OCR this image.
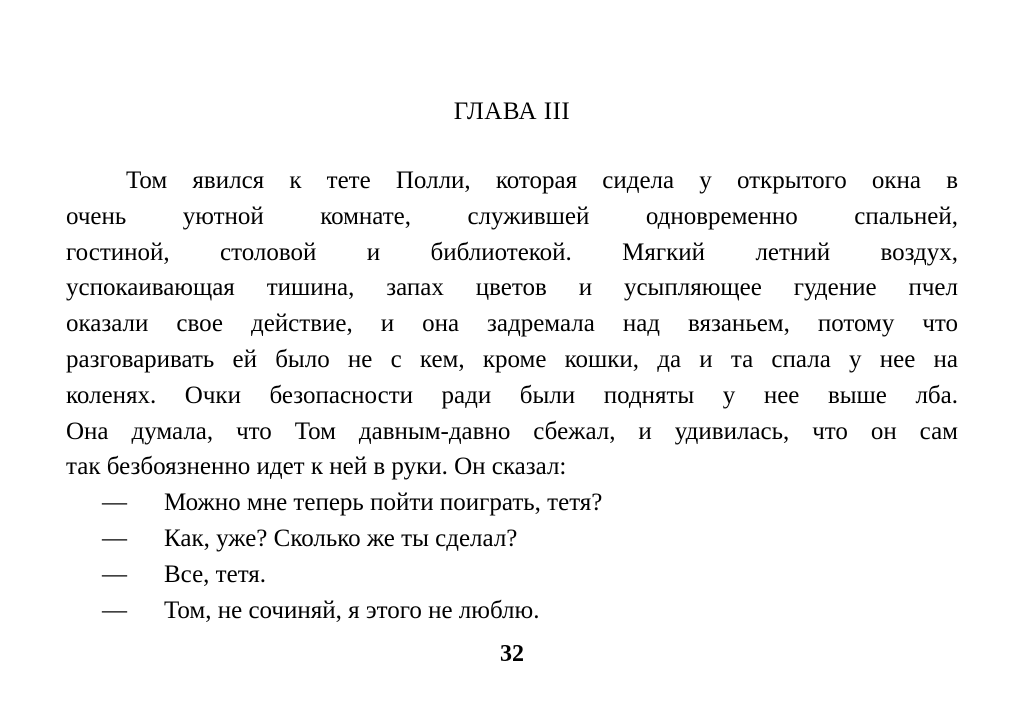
ГЛАВА III
Том явился к тете Полли, которая сидела у открытого окна в
очень уютной комнате, служившей одновременно спальней,
гостиной, столовой и библиотекой. Мягкий летний воздух,
успокаивающая тишина, запах цветов и усыпляющее гудение пчел
оказали свое действие, и она задремала над вязаньем, потому что
разговаривать ей было не с кем, кроме кошки, да и та спала у нее на
коленях. Очки безопасности ради были подняты у нее выше лба.
Она думала, что Том давным-давно сбежал, и удивилась, что он сам
так безбоязненно идет к ней в руки. Он сказал:
—	Можно мне теперь пойти поиграть, тетя?
—	Как, уже? Сколько же ты сделал?
—	Все, тетя.
—	Том, не сочиняй, я этого не люблю.
32
